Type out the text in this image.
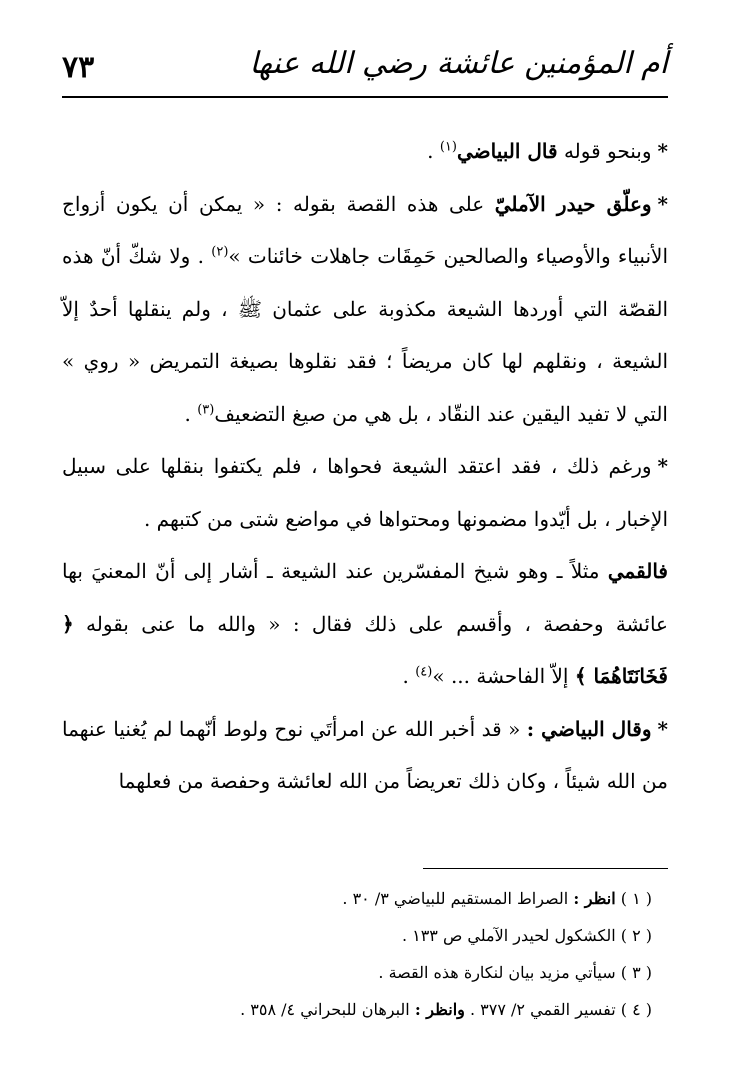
أم المؤمنين عائشة رضي الله عنها
٧٣

*وبنحو قوله قال البياضي$^{(١)}$ .

*وعلّق حيدر الآمليّ على هذه القصة بقوله : « يمكن أن يكون أزواج الأنبياء والأوصياء والصالحين حَمِقَات جاهلات خائنات »$^{(٢)}$ . ولا شكّ أنّ هذه القصّة التي أوردها الشيعة مكذوبة على عثمان ﷺ ، ولم ينقلها أحدٌ إلاّ الشيعة ، ونقلهم لها كان مريضاً ؛ فقد نقلوها بصيغة التمريض « روي » التي لا تفيد اليقين عند النقّاد ، بل هي من صيغ التضعيف$^{(٣)}$ .

*ورغم ذلك ، فقد اعتقد الشيعة فحواها ، فلم يكتفوا بنقلها على سبيل الإخبار ، بل أيّدوا مضمونها ومحتواها في مواضع شتى من كتبهم .

فالقمي مثلاً ـ وهو شيخ المفسّرين عند الشيعة ـ أشار إلى أنّ المعنيَ بها عائشة وحفصة ، وأقسم على ذلك فقال : « والله ما عنى بقوله ﴿ فَخَانَتَاهُمَا ﴾ إلاّ الفاحشة ... »$^{(٤)}$ .

*وقال البياضي : « قد أخبر الله عن امرأتَي نوح ولوط أنّهما لم يُغنيا عنهما من الله شيئاً ، وكان ذلك تعريضاً من الله لعائشة وحفصة من فعلهما

( ١ ) انظر : الصراط المستقيم للبياضي ٣/ ٣٠ .

( ٢ ) الكشكول لحيدر الآملي ص ١٣٣ .

( ٣ ) سيأتي مزيد بيان لنكارة هذه القصة .

( ٤ ) تفسير القمي ٢/ ٣٧٧ . وانظر : البرهان للبحراني ٤/ ٣٥٨ .
